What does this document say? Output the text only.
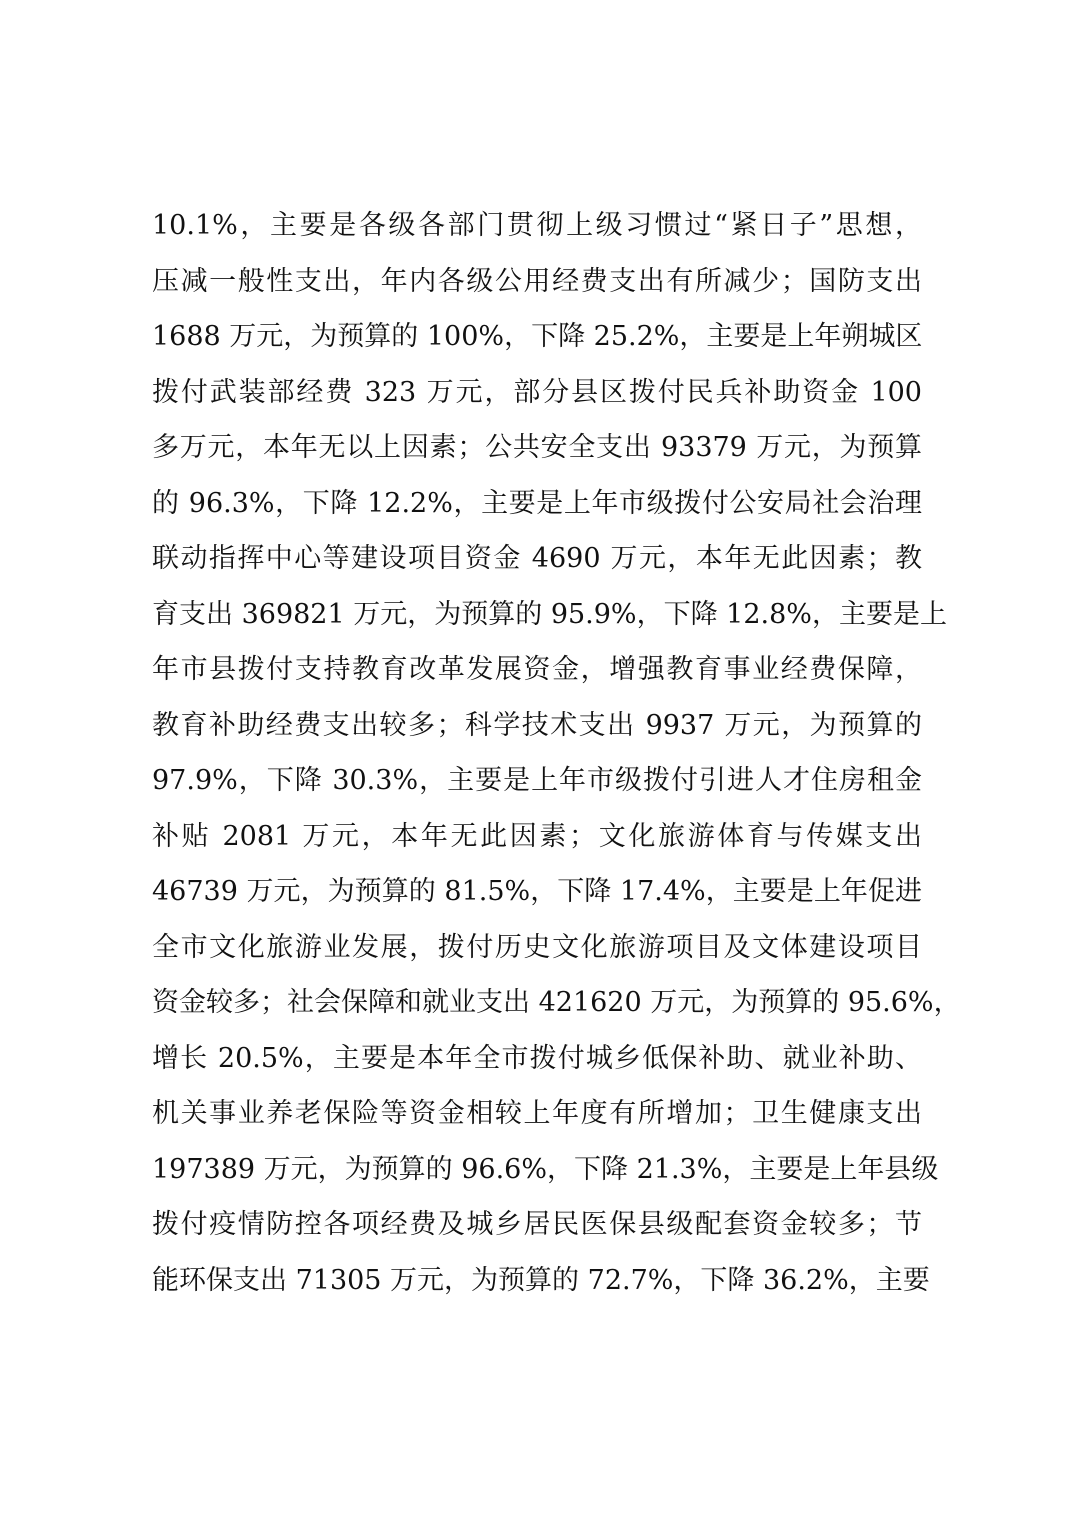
10.1%，主要是各级各部门贯彻上级习惯过“紧日子”思想，
压减一般性支出，年内各级公用经费支出有所减少；国防支出
1688 万元，为预算的 100%，下降 25.2%，主要是上年朔城区
拨付武装部经费 323 万元，部分县区拨付民兵补助资金 100
多万元，本年无以上因素；公共安全支出 93379 万元，为预算
的 96.3%，下降 12.2%，主要是上年市级拨付公安局社会治理
联动指挥中心等建设项目资金 4690 万元，本年无此因素；教
育支出 369821 万元，为预算的 95.9%，下降 12.8%，主要是上
年市县拨付支持教育改革发展资金，增强教育事业经费保障，
教育补助经费支出较多；科学技术支出 9937 万元，为预算的
97.9%，下降 30.3%，主要是上年市级拨付引进人才住房租金
补贴 2081 万元，本年无此因素；文化旅游体育与传媒支出
46739 万元，为预算的 81.5%，下降 17.4%，主要是上年促进
全市文化旅游业发展，拨付历史文化旅游项目及文体建设项目
资金较多；社会保障和就业支出 421620 万元，为预算的 95.6%，
增长 20.5%，主要是本年全市拨付城乡低保补助、就业补助、
机关事业养老保险等资金相较上年度有所增加；卫生健康支出
197389 万元，为预算的 96.6%，下降 21.3%，主要是上年县级
拨付疫情防控各项经费及城乡居民医保县级配套资金较多；节
能环保支出 71305 万元，为预算的 72.7%，下降 36.2%，主要
